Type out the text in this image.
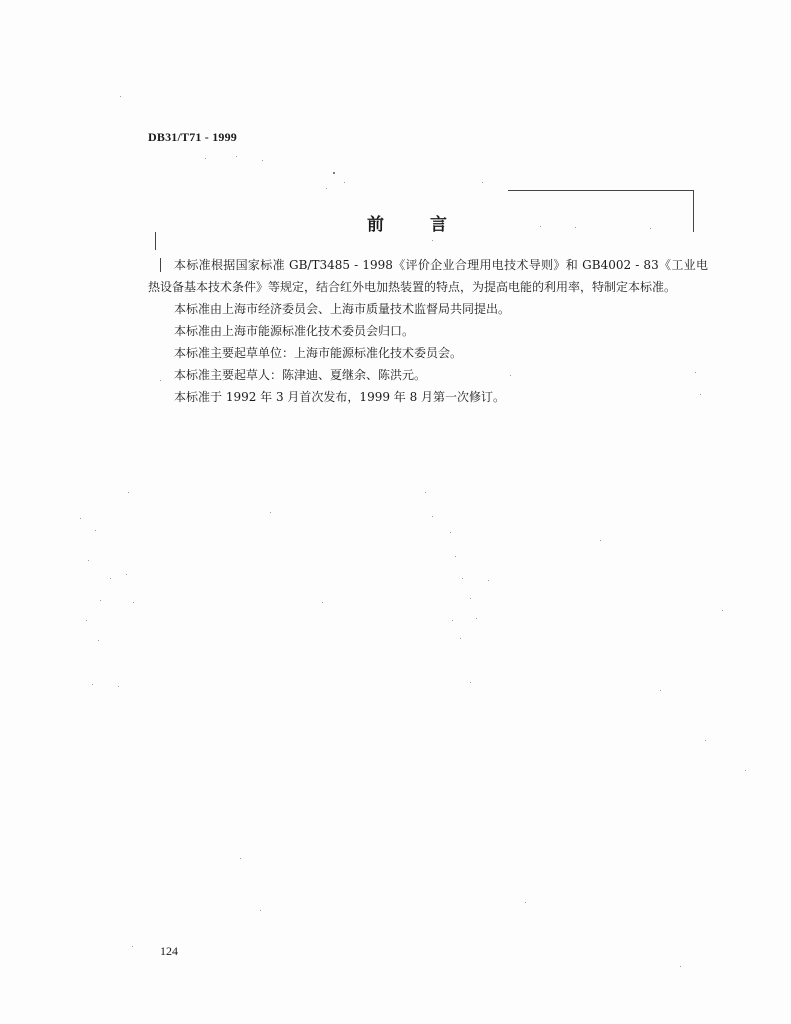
DB31/T71 - 1999
前言

本标准根据国家标准 GB/T3485 - 1998《评价企业合理用电技术导则》和 GB4002 - 83《工业电热设备基本技术条件》等规定，结合红外电加热装置的特点，为提高电能的利用率，特制定本标准。

本标准由上海市经济委员会、上海市质量技术监督局共同提出。

本标准由上海市能源标准化技术委员会归口。

本标准主要起草单位：上海市能源标准化技术委员会。

本标准主要起草人：陈津迪、夏继余、陈洪元。

本标准于 1992 年 3 月首次发布，1999 年 8 月第一次修订。

124
